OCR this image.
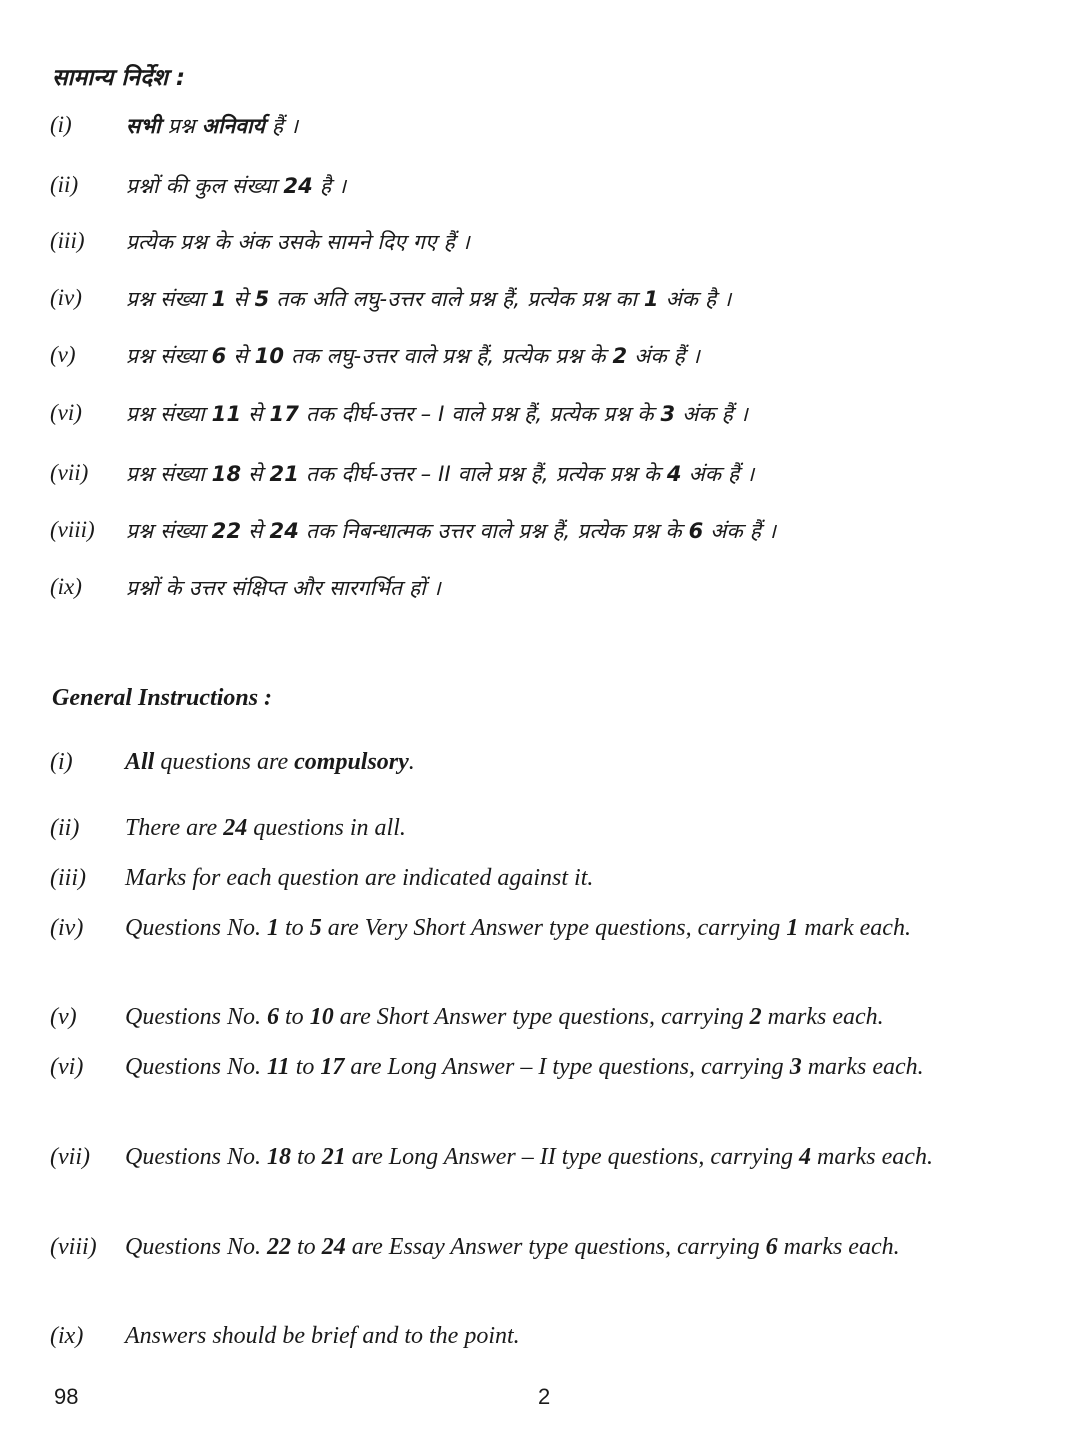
सामान्य निर्देश :
(i)	सभी प्रश्न अनिवार्य हैं ।
(ii) प्रश्नों की कुल संख्या 24 है ।
(iii) प्रत्येक प्रश्न के अंक उसके सामने दिए गए हैं ।
(iv) प्रश्न संख्या 1 से 5 तक अति लघु-उत्तर वाले प्रश्न हैं, प्रत्येक प्रश्न का 1 अंक है ।
(v) प्रश्न संख्या 6 से 10 तक लघु-उत्तर वाले प्रश्न हैं, प्रत्येक प्रश्न के 2 अंक हैं ।
(vi) प्रश्न संख्या 11 से 17 तक दीर्घ-उत्तर – I वाले प्रश्न हैं, प्रत्येक प्रश्न के 3 अंक हैं ।
(vii) प्रश्न संख्या 18 से 21 तक दीर्घ-उत्तर – II वाले प्रश्न हैं, प्रत्येक प्रश्न के 4 अंक हैं ।
(viii) प्रश्न संख्या 22 से 24 तक निबन्धात्मक उत्तर वाले प्रश्न हैं, प्रत्येक प्रश्न के 6 अंक हैं ।
(ix) प्रश्नों के उत्तर संक्षिप्त और सारगर्भित हों ।
General Instructions :
(i) All questions are compulsory.
(ii) There are 24 questions in all.
(iii) Marks for each question are indicated against it.
(iv) Questions No. 1 to 5 are Very Short Answer type questions, carrying 1 mark each.
(v) Questions No. 6 to 10 are Short Answer type questions, carrying 2 marks each.
(vi) Questions No. 11 to 17 are Long Answer – I type questions, carrying 3 marks each.
(vii) Questions No. 18 to 21 are Long Answer – II type questions, carrying 4 marks each.
(viii) Questions No. 22 to 24 are Essay Answer type questions, carrying 6 marks each.
(ix) Answers should be brief and to the point.
98	2
